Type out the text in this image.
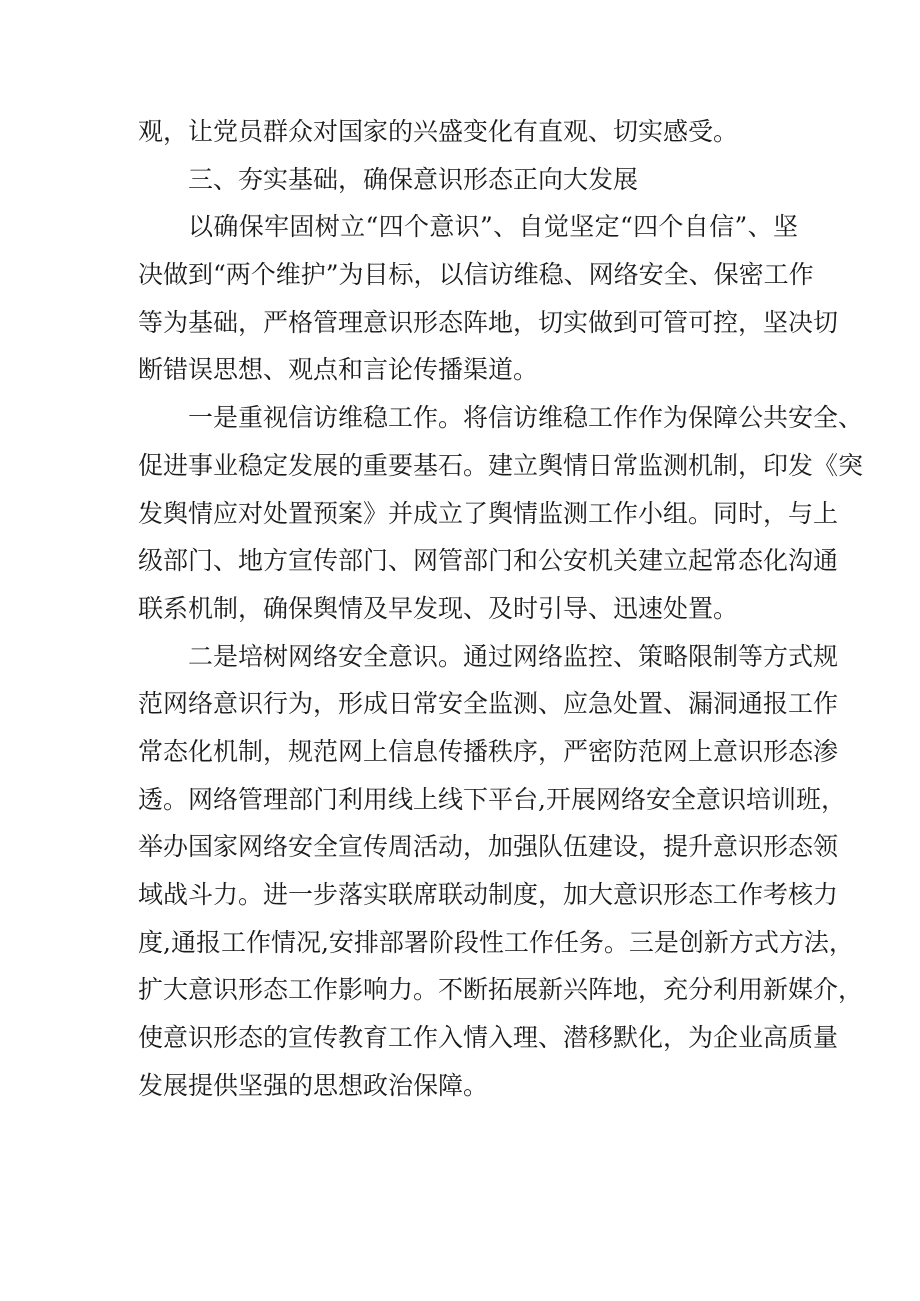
观，让党员群众对国家的兴盛变化有直观、切实感受。
三、夯实基础，确保意识形态正向大发展
以确保牢固树立“四个意识”、自觉坚定“四个自信”、坚
决做到“两个维护”为目标，以信访维稳、网络安全、保密工作
等为基础，严格管理意识形态阵地，切实做到可管可控，坚决切
断错误思想、观点和言论传播渠道。
一是重视信访维稳工作。将信访维稳工作作为保障公共安全、
促进事业稳定发展的重要基石。建立舆情日常监测机制，印发《突
发舆情应对处置预案》并成立了舆情监测工作小组。同时，与上
级部门、地方宣传部门、网管部门和公安机关建立起常态化沟通
联系机制，确保舆情及早发现、及时引导、迅速处置。
二是培树网络安全意识。通过网络监控、策略限制等方式规
范网络意识行为，形成日常安全监测、应急处置、漏洞通报工作
常态化机制，规范网上信息传播秩序，严密防范网上意识形态渗
透。网络管理部门利用线上线下平台,开展网络安全意识培训班，
举办国家网络安全宣传周活动，加强队伍建设，提升意识形态领
域战斗力。进一步落实联席联动制度，加大意识形态工作考核力
度,通报工作情况,安排部署阶段性工作任务。三是创新方式方法，
扩大意识形态工作影响力。不断拓展新兴阵地，充分利用新媒介，
使意识形态的宣传教育工作入情入理、潜移默化，为企业高质量
发展提供坚强的思想政治保障。
